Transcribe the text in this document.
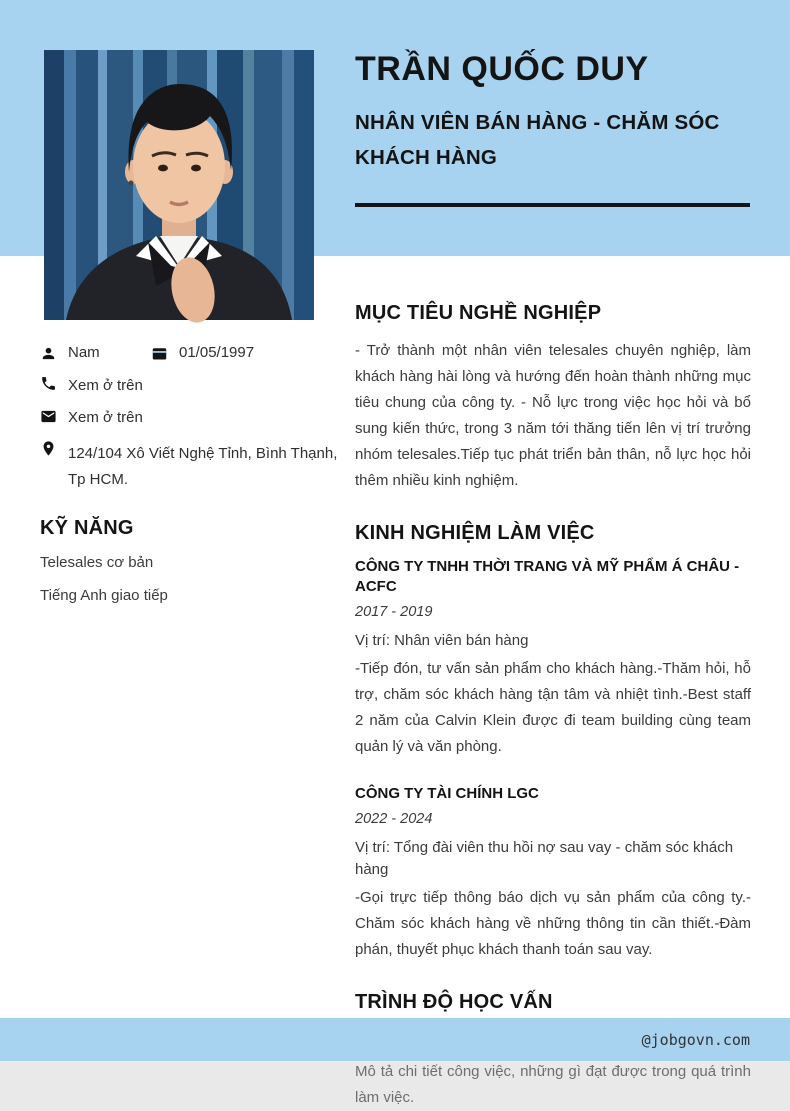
TRẦN QUỐC DUY
NHÂN VIÊN BÁN HÀNG - CHĂM SÓC KHÁCH HÀNG
Nam	01/05/1997
Xem ở trên
Xem ở trên
124/104 Xô Viết Nghệ Tỉnh, Bình Thạnh, Tp HCM.
KỸ NĂNG
Telesales cơ bản
Tiếng Anh giao tiếp
MỤC TIÊU NGHỀ NGHIỆP
- Trở thành một nhân viên telesales chuyên nghiệp, làm khách hàng hài lòng và hướng đến hoàn thành những mục tiêu chung của công ty. - Nỗ lực trong việc học hỏi và bổ sung kiến thức, trong 3 năm tới thăng tiến lên vị trí trưởng nhóm telesales.Tiếp tục phát triển bản thân, nỗ lực học hỏi thêm nhiều kinh nghiệm.
KINH NGHIỆM LÀM VIỆC
CÔNG TY TNHH THỜI TRANG VÀ MỸ PHẨM Á CHÂU - ACFC
2017 - 2019
Vị trí: Nhân viên bán hàng
-Tiếp đón, tư vấn sản phẩm cho khách hàng.-Thăm hỏi, hỗ trợ, chăm sóc khách hàng tận tâm và nhiệt tình.-Best staff 2 năm của Calvin Klein được đi team building cùng team quản lý và văn phòng.
CÔNG TY TÀI CHÍNH LGC
2022 - 2024
Vị trí: Tổng đài viên thu hồi nợ sau vay - chăm sóc khách hàng
-Gọi trực tiếp thông báo dịch vụ sản phẩm của công ty.-Chăm sóc khách hàng về những thông tin cần thiết.-Đàm phán, thuyết phục khách thanh toán sau vay.
TRÌNH ĐỘ HỌC VẤN
Mô tả chi tiết công việc, những gì đạt được trong quá trình làm việc.
@jobgovn.com
